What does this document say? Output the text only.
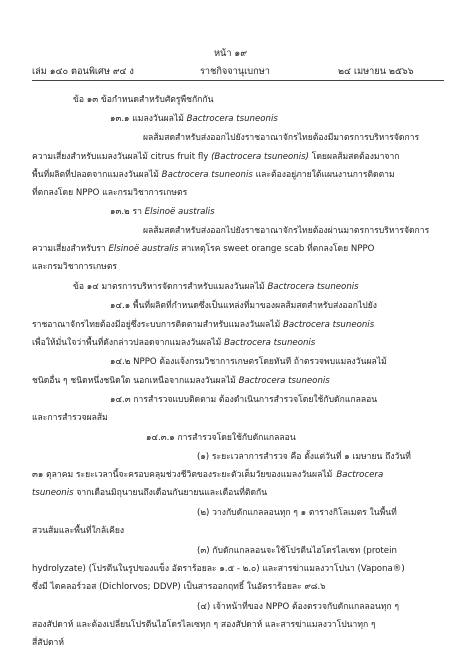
หน้า ๑๙
เล่ม ๑๔๐ ตอนพิเศษ ๙๔ ง	ราชกิจจานุเบกษา	๒๔ เมษายน ๒๕๖๖
ข้อ ๑๓ ข้อกำหนดสำหรับศัตรูพืชกักกัน
๑๓.๑ แมลงวันผลไม้ Bactrocera tsuneonis
ผลส้มสดสำหรับส่งออกไปยังราชอาณาจักรไทยต้องมีมาตรการบริหารจัดการ
ความเสี่ยงสำหรับแมลงวันผลไม้ citrus fruit fly (Bactrocera tsuneonis) โดยผลส้มสดต้องมาจาก
พื้นที่ผลิตที่ปลอดจากแมลงวันผลไม้ Bactrocera tsuneonis และต้องอยู่ภายใต้แผนงานการติดตาม
ที่ตกลงโดย NPPO และกรมวิชาการเกษตร
๑๓.๒ รา Elsinoë australis
ผลส้มสดสำหรับส่งออกไปยังราชอาณาจักรไทยต้องผ่านมาตรการบริหารจัดการ
ความเสี่ยงสำหรับรา Elsinoë australis สาเหตุโรค sweet orange scab ที่ตกลงโดย NPPO
และกรมวิชาการเกษตร
ข้อ ๑๔ มาตรการบริหารจัดการสำหรับแมลงวันผลไม้ Bactrocera tsuneonis
๑๔.๑ พื้นที่ผลิตที่กำหนดซึ่งเป็นแหล่งที่มาของผลส้มสดสำหรับส่งออกไปยัง
ราชอาณาจักรไทยต้องมีอยู่ซึ่งระบบการติดตามสำหรับแมลงวันผลไม้ Bactrocera tsuneonis
เพื่อให้มั่นใจว่าพื้นที่ดังกล่าวปลอดจากแมลงวันผลไม้ Bactrocera tsuneonis
๑๔.๒ NPPO ต้องแจ้งกรมวิชาการเกษตรโดยทันที ถ้าตรวจพบแมลงวันผลไม้
ชนิดอื่น ๆ ชนิดหนึ่งชนิดใด นอกเหนือจากแมลงวันผลไม้ Bactrocera tsuneonis
๑๔.๓ การสำรวจแบบติดตาม ต้องดำเนินการสำรวจโดยใช้กับดักแกลลอน
และการสำรวจผลส้ม
๑๔.๓.๑ การสำรวจโดยใช้กับดักแกลลอน
(๑) ระยะเวลาการสำรวจ คือ ตั้งแต่วันที่ ๑ เมษายน ถึงวันที่
๓๑ ตุลาคม ระยะเวลานี้จะครอบคลุมช่วงชีวิตของระยะตัวเต็มวัยของแมลงวันผลไม้ Bactrocera
tsuneonis จากเดือนมิถุนายนถึงเดือนกันยายนและเดือนที่ติดกัน
(๒) วางกับดักแกลลอนทุก ๆ ๑ ตารางกิโลเมตร ในพื้นที่
สวนส้มและพื้นที่ใกล้เคียง
(๓) กับดักแกลลอนจะใช้โปรตีนไฮโดรไลเซท (protein
hydrolyzate) (โปรตีนในรูปของแข็ง อัตราร้อยละ ๑.๕ - ๒.๐) และสารฆ่าแมลงวาโปนา (Vapona®)
ซึ่งมี ไดคลอร์วอส (Dichlorvos; DDVP) เป็นสารออกฤทธิ์ ในอัตราร้อยละ ๙๘.๖
(๔) เจ้าหน้าที่ของ NPPO ต้องตรวจกับดักแกลลอนทุก ๆ
สองสัปดาห์ และต้องเปลี่ยนโปรตีนไฮโดรไลเซทุก ๆ สองสัปดาห์ และสารฆ่าแมลงวาโปนาทุก ๆ
สี่สัปดาห์
